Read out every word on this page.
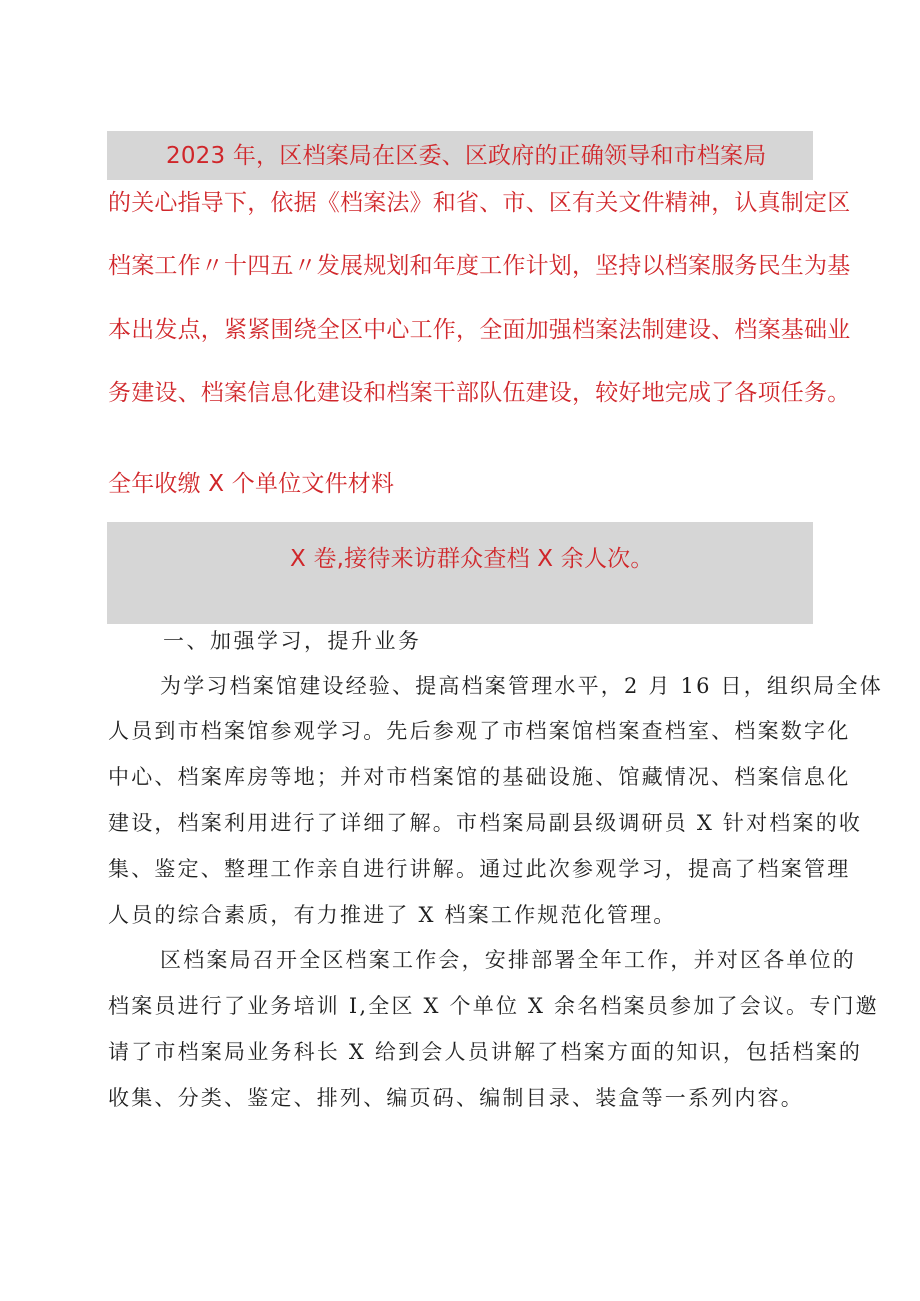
2023 年，区档案局在区委、区政府的正确领导和市档案局
的关心指导下，依据《档案法》和省、市、区有关文件精神，认真制定区
档案工作〃十四五〃发展规划和年度工作计划，坚持以档案服务民生为基
本出发点，紧紧围绕全区中心工作，全面加强档案法制建设、档案基础业
务建设、档案信息化建设和档案干部队伍建设，较好地完成了各项任务。
全年收缴 X 个单位文件材料
X 卷,接待来访群众查档 X 余人次。
一、加强学习，提升业务
为学习档案馆建设经验、提高档案管理水平，2 月 16 日，组织局全体
人员到市档案馆参观学习。先后参观了市档案馆档案查档室、档案数字化
中心、档案库房等地；并对市档案馆的基础设施、馆藏情况、档案信息化
建设，档案利用进行了详细了解。市档案局副县级调研员 X 针对档案的收
集、鉴定、整理工作亲自进行讲解。通过此次参观学习，提高了档案管理
人员的综合素质，有力推进了 X 档案工作规范化管理。
区档案局召开全区档案工作会，安排部署全年工作，并对区各单位的
档案员进行了业务培训 I,全区 X 个单位 X 余名档案员参加了会议。专门邀
请了市档案局业务科长 X 给到会人员讲解了档案方面的知识，包括档案的
收集、分类、鉴定、排列、编页码、编制目录、装盒等一系列内容。
